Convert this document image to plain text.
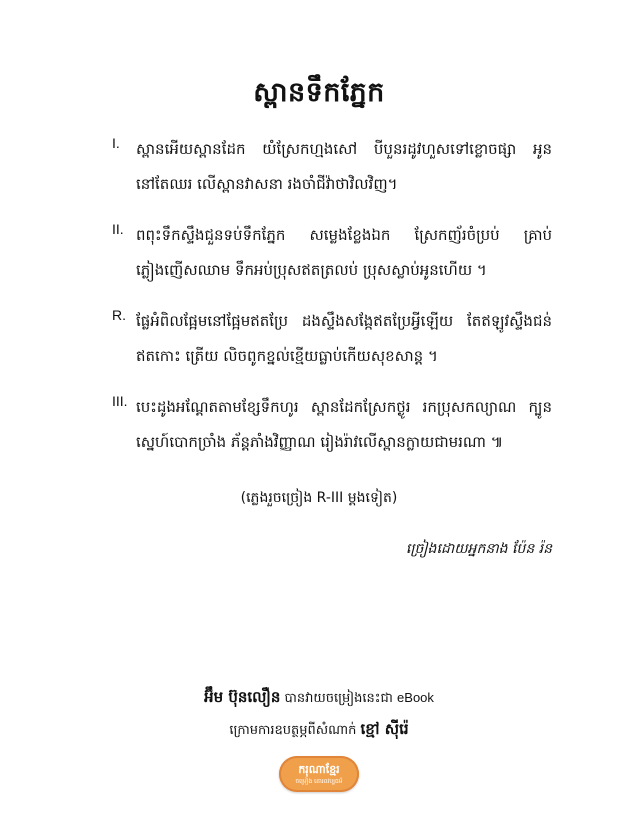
ស្ពានទឹកភ្នែក
I.	ស្ពានអើយស្ពានដែក យំស្រែកហ្មងសៅ បីបួនរដូវហួសទៅខ្លោចផ្សា អូននៅតែឈរ លើស្ពានវាសនា រងចាំជីវ៉ាថាវិលវិញ។
II. ពពុះទឹកស្ទឹងជួនទប់ទឹកភ្នែក សម្លេងខ្លែងឯក ស្រែកញ័រចំប្រប់ គ្រាប់ភ្លៀងញើសឈាម ទឹកអប់ប្រុសឥតត្រលប់ ប្រុសស្លាប់អូនហើយ ។
R. ផ្លែអំពិលផ្អែមនៅផ្អែមឥតប្រែ ដងស្ទឹងសង្កែឥតប្រែអ្វីឡើយ តែឥឡូវស្ទឹងជន់ឥតកោះ ត្រើយ លិចពូកខ្នល់ខ្មើយធ្លាប់កើយសុខសាន្ត ។
III. បេះដូងអណ្ដែតតាមខ្សែទឹកហូរ ស្ពានដែកស្រែកថ្ងូរ រកប្រុសកល្យាណ ក្បូនស្នេហ៍បោកច្រាំង ភ័ន្តភាំងវិញ្ញាណ រៀងរ៉ាវលើស្ពានក្លាយជាមរណា ៕
(ភ្លេងរួចច្រៀង R-III ម្ដងទៀត)
ច្រៀងដោយអ្នកនាង ប៉ែន រ៉ន
អ៊ឹម ប៊ុនលឿន បានវាយចម្រៀងនេះជា eBook
ក្រោមការឧបត្ថម្ភពីសំណាក់ ខ្មៅ ស៊ីរ៉េ
ករុណាខ្មែរ
ចម្រៀង គោរពវប្បធម៌
